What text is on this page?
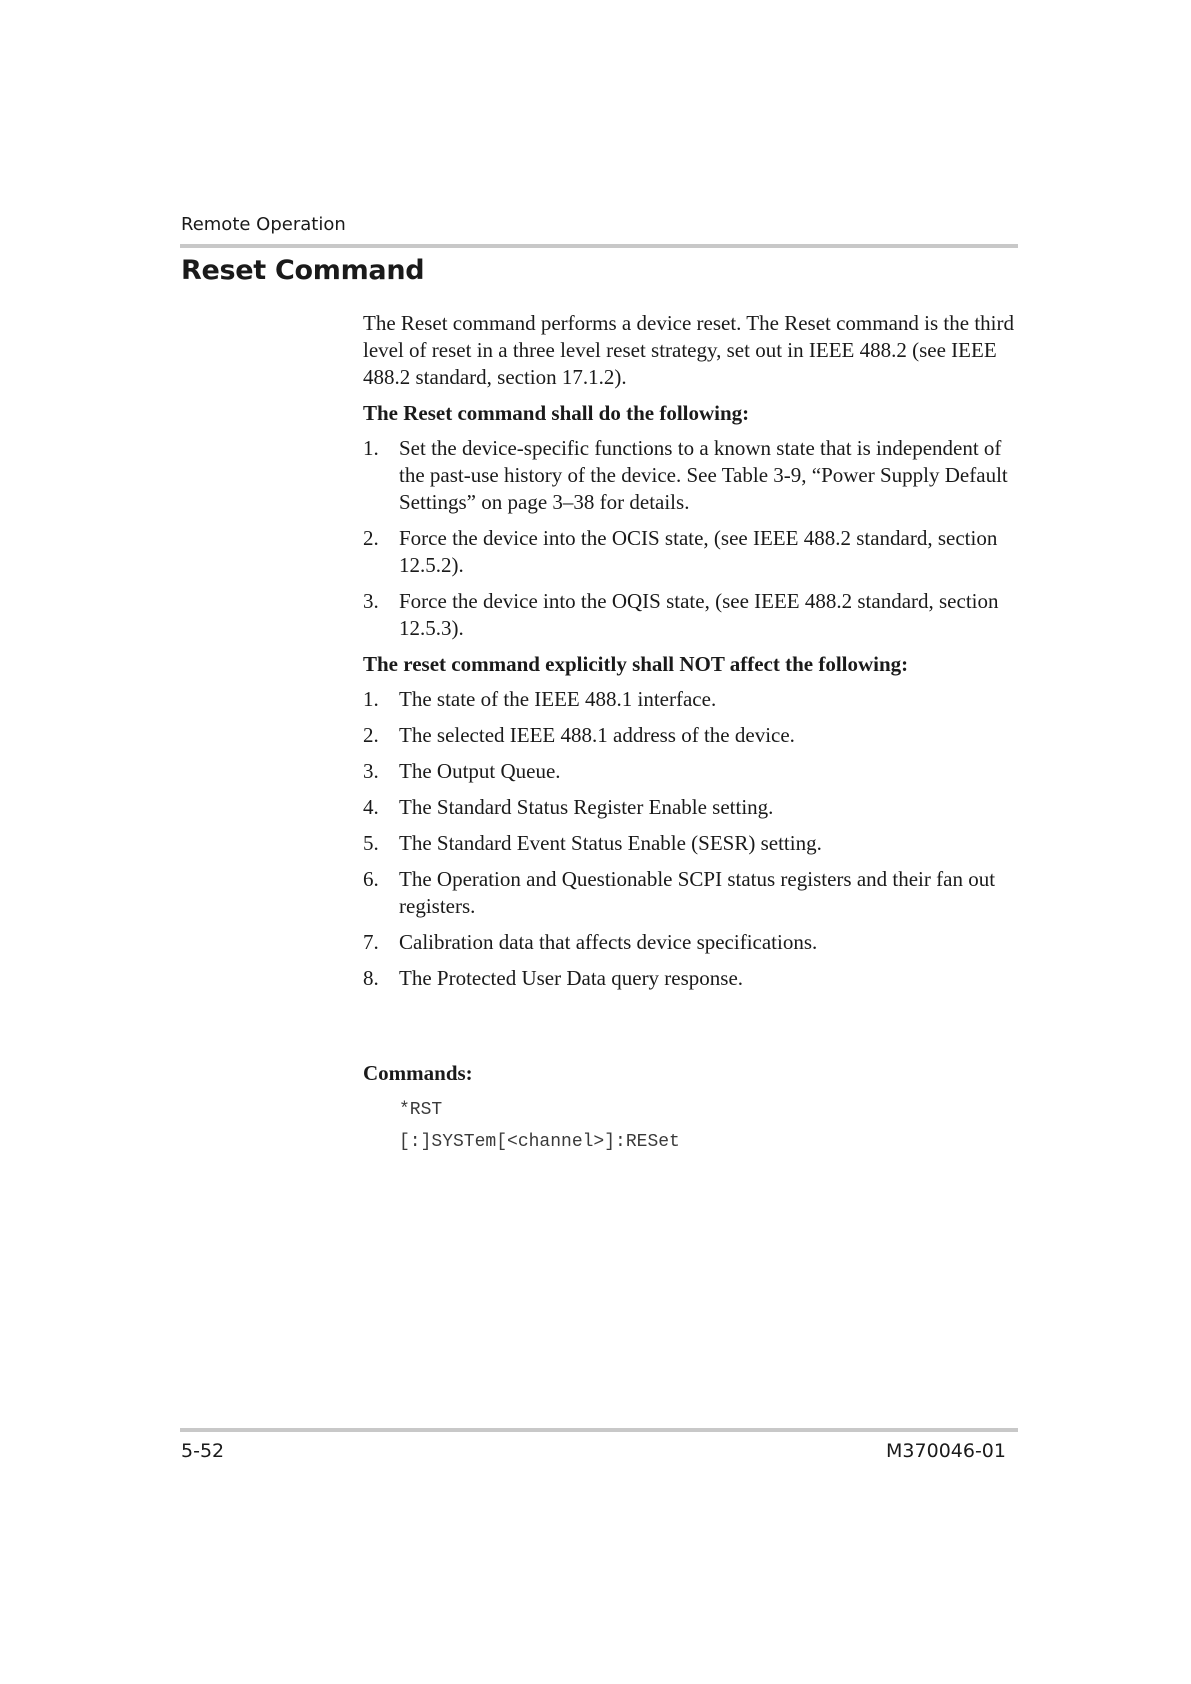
Remote Operation

Reset Command

The Reset command performs a device reset. The Reset command is the third level of reset in a three level reset strategy, set out in IEEE 488.2 (see IEEE 488.2 standard, section 17.1.2).

The Reset command shall do the following:

1. Set the device-specific functions to a known state that is independent of the past-use history of the device. See Table 3-9, “Power Supply Default Settings” on page 3–38 for details.
2. Force the device into the OCIS state, (see IEEE 488.2 standard, section 12.5.2).
3. Force the device into the OQIS state, (see IEEE 488.2 standard, section 12.5.3).

The reset command explicitly shall NOT affect the following:

1. The state of the IEEE 488.1 interface.
2. The selected IEEE 488.1 address of the device.
3. The Output Queue.
4. The Standard Status Register Enable setting.
5. The Standard Event Status Enable (SESR) setting.
6. The Operation and Questionable SCPI status registers and their fan out registers.
7. Calibration data that affects device specifications.
8. The Protected User Data query response.

Commands:

*RST
[:]SYSTem[<channel>]:RESet

5-52	M370046-01
